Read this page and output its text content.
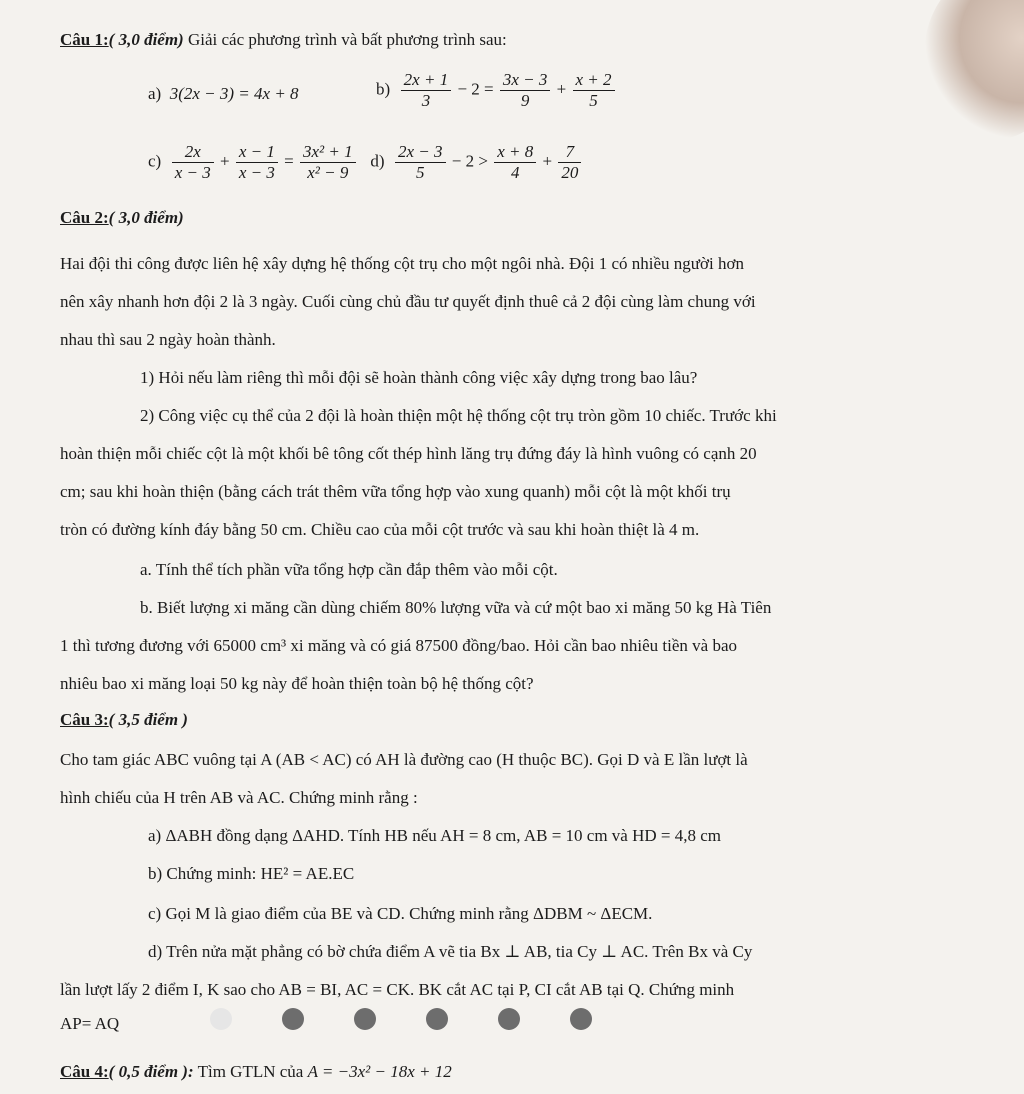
Câu 1:( 3,0 điểm) Giải các phương trình và bất phương trình sau:
a) 3(2x − 3) = 4x + 8	$b) \frac{2x + 1}{3} - 2 = \frac{3x - 3}{9} + \frac{x + 2}{5}$
$c) \frac{2x}{x - 3} + \frac{x - 1}{x - 3} = \frac{\text{3x² + 1}}{\text{x² − 9}} d) \frac{2x - 3}{5} - 2 > \frac{x + 8}{4} + \frac{7}{20}$
Câu 2:( 3,0 điểm)
Hai đội thi công được liên hệ xây dựng hệ thống cột trụ cho một ngôi nhà. Đội 1 có nhiều người hơn
nên xây nhanh hơn đội 2 là 3 ngày. Cuối cùng chủ đầu tư quyết định thuê cả 2 đội cùng làm chung với
nhau thì sau 2 ngày hoàn thành.
1) Hỏi nếu làm riêng thì mỗi đội sẽ hoàn thành công việc xây dựng trong bao lâu?
2) Công việc cụ thể của 2 đội là hoàn thiện một hệ thống cột trụ tròn gồm 10 chiếc. Trước khi
hoàn thiện mỗi chiếc cột là một khối bê tông cốt thép hình lăng trụ đứng đáy là hình vuông có cạnh 20
cm; sau khi hoàn thiện (bằng cách trát thêm vữa tổng hợp vào xung quanh) mỗi cột là một khối trụ
tròn có đường kính đáy bằng 50 cm. Chiều cao của mỗi cột trước và sau khi hoàn thiệt là 4 m.
a. Tính thể tích phần vữa tổng hợp cần đắp thêm vào mỗi cột.
b. Biết lượng xi măng cần dùng chiếm 80% lượng vữa và cứ một bao xi măng 50 kg Hà Tiên
1 thì tương đương với 65000 cm³ xi măng và có giá 87500 đồng/bao. Hỏi cần bao nhiêu tiền và bao
nhiêu bao xi măng loại 50 kg này để hoàn thiện toàn bộ hệ thống cột?
Câu 3:( 3,5 điểm )
Cho tam giác ABC vuông tại A (AB < AC) có AH là đường cao (H thuộc BC). Gọi D và E lần lượt là
hình chiếu của H trên AB và AC. Chứng minh rằng :
a) ΔABH đồng dạng ΔAHD. Tính HB nếu AH = 8 cm, AB = 10 cm và HD = 4,8 cm
b) Chứng minh: HE² = AE.EC
c) Gọi M là giao điểm của BE và CD. Chứng minh rằng ΔDBM ~ ΔECM.
d) Trên nửa mặt phẳng có bờ chứa điểm A vẽ tia Bx ⊥ AB, tia Cy ⊥ AC. Trên Bx và Cy
lần lượt lấy 2 điểm I, K sao cho AB = BI, AC = CK. BK cắt AC tại P, CI cắt AB tại Q. Chứng minh
AP= AQ
Câu 4:( 0,5 điểm ): Tìm GTLN của A = −3x² − 18x + 12
